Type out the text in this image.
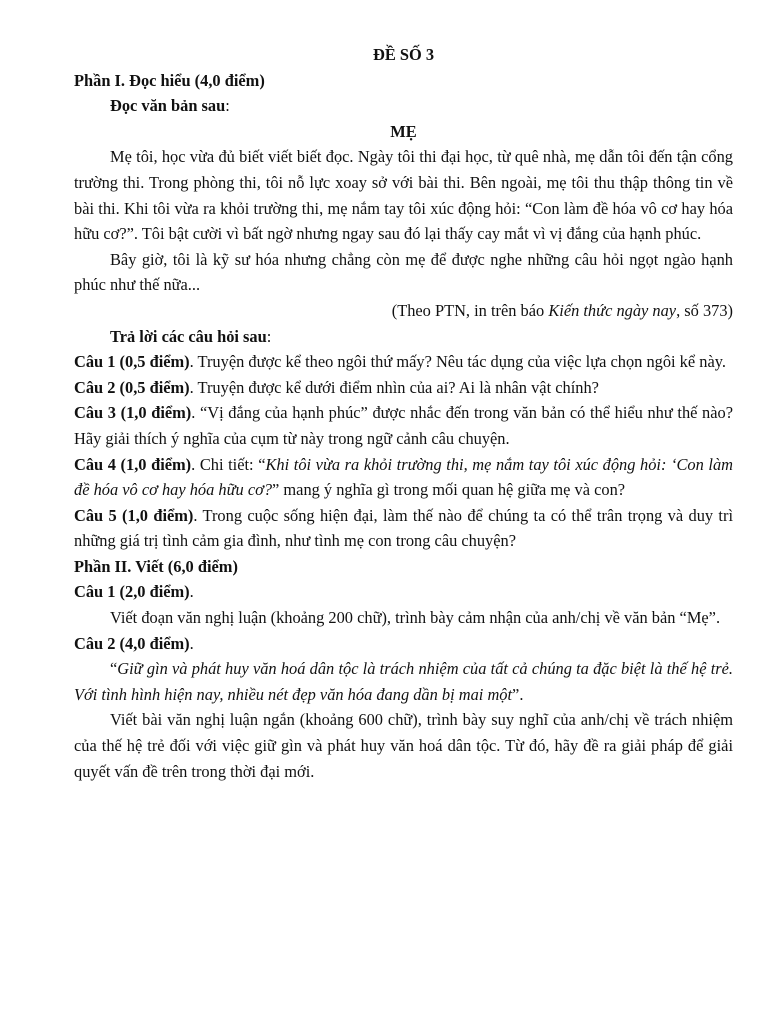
ĐỀ SỐ 3

Phần I. Đọc hiểu (4,0 điểm)

Đọc văn bản sau:

MẸ

Mẹ tôi, học vừa đủ biết viết biết đọc. Ngày tôi thi đại học, từ quê nhà, mẹ dẫn tôi đến tận cổng trường thi. Trong phòng thi, tôi nỗ lực xoay sở với bài thi. Bên ngoài, mẹ tôi thu thập thông tin về bài thi. Khi tôi vừa ra khỏi trường thi, mẹ nắm tay tôi xúc động hỏi: “Con làm đề hóa vô cơ hay hóa hữu cơ?”. Tôi bật cười vì bất ngờ nhưng ngay sau đó lại thấy cay mắt vì vị đắng của hạnh phúc.

Bây giờ, tôi là kỹ sư hóa nhưng chẳng còn mẹ để được nghe những câu hỏi ngọt ngào hạnh phúc như thế nữa...

(Theo PTN, in trên báo Kiến thức ngày nay, số 373)

Trả lời các câu hỏi sau:

Câu 1 (0,5 điểm). Truyện được kể theo ngôi thứ mấy? Nêu tác dụng của việc lựa chọn ngôi kể này.

Câu 2 (0,5 điểm). Truyện được kể dưới điểm nhìn của ai? Ai là nhân vật chính?

Câu 3 (1,0 điểm). “Vị đắng của hạnh phúc” được nhắc đến trong văn bản có thể hiểu như thế nào? Hãy giải thích ý nghĩa của cụm từ này trong ngữ cảnh câu chuyện.

Câu 4 (1,0 điểm). Chi tiết: “Khi tôi vừa ra khỏi trường thi, mẹ nắm tay tôi xúc động hỏi: ‘Con làm đề hóa vô cơ hay hóa hữu cơ?” mang ý nghĩa gì trong mối quan hệ giữa mẹ và con?

Câu 5 (1,0 điểm). Trong cuộc sống hiện đại, làm thế nào để chúng ta có thể trân trọng và duy trì những giá trị tình cảm gia đình, như tình mẹ con trong câu chuyện?

Phần II. Viết (6,0 điểm)

Câu 1 (2,0 điểm).

Viết đoạn văn nghị luận (khoảng 200 chữ), trình bày cảm nhận của anh/chị về văn bản “Mẹ”.

Câu 2 (4,0 điểm).

“Giữ gìn và phát huy văn hoá dân tộc là trách nhiệm của tất cả chúng ta đặc biệt là thế hệ trẻ. Với tình hình hiện nay, nhiều nét đẹp văn hóa đang dần bị mai một”.

Viết bài văn nghị luận ngắn (khoảng 600 chữ), trình bày suy nghĩ của anh/chị về trách nhiệm của thế hệ trẻ đối với việc giữ gìn và phát huy văn hoá dân tộc. Từ đó, hãy đề ra giải pháp để giải quyết vấn đề trên trong thời đại mới.
